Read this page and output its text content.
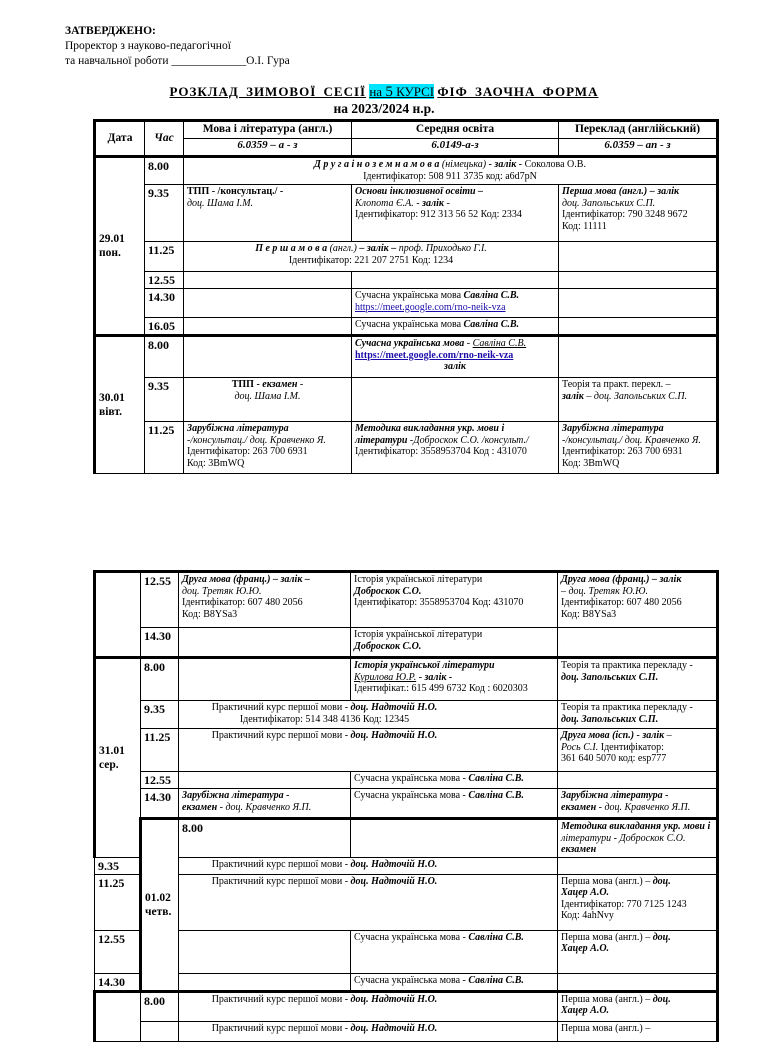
ЗАТВЕРДЖЕНО:
Проректор з науково-педагогічної
та навчальної роботи _____________О.І. Гура
РОЗКЛАД ЗИМОВОЇ СЕСІЇ на 5 КУРСІ ФІФ ЗАОЧНА ФОРМА
на 2023/2024 н.р.
Дата	Час	Мова і література (англ.)	Середня освіта	Переклад (англійський)
		6.0359 – а - з	6.0149-а-з	6.0359 – ап - з

29.01
пон.	8.00	Д р у г а і н о з е м н а м о в а (німецька) - залік - Соколова О.В.
Ідентифікатор: 508 911 3735 код: a6d7pN		

	9.35	ТПП - /консультац./ -
доц. Шама І.М.	Основи інклюзивної освіти –
Клопота Є.А. - залік -
Ідентифікатор: 912 313 56 52 Код: 2334	Перша мова (англ.) – залік
доц. Запольських С.П.
Ідентифікатор: 790 3248 9672
Код: 11111

	11.25	П е р ш а м о в а (англ.) – залік – проф. Приходько Г.І.
Ідентифікатор: 221 207 2751 Код: 1234		

	12.55			
	14.30		Сучасна українська мова Савліна С.В.
https://meet.google.com/rno-neik-vza	

	16.05		Сучасна українська мова Савліна С.В.	

30.01
вівт.	8.00		Сучасна українська мова - Савліна С.В.
https://meet.google.com/rno-neik-vza
залік	

	9.35	ТПП - екзамен -
доц. Шама І.М.		Теорія та практ. перекл. –
залік – доц. Запольських С.П.

	11.25	Зарубіжна література
-/консультац./ доц. Кравченко Я.
Ідентифікатор: 263 700 6931
Код: 3BmWQ	Методика викладання укр. мови і
літератури -Доброскок С.О. /консульт./
Ідентифікатор: 3558953704 Код : 431070	Зарубіжна література
-/консультац./ доц. Кравченко Я.
Ідентифікатор: 263 700 6931
Код: 3BmWQ
	12.55	Друга мова (франц.) – залік –
доц. Третяк Ю.Ю.
Ідентифікатор: 607 480 2056
Код: B8YSa3	Історія української літератури
Доброскок С.О.
Ідентифікатор: 3558953704 Код: 431070	Друга мова (франц.) – залік
– доц. Третяк Ю.Ю.
Ідентифікатор: 607 480 2056
Код: B8YSa3	

	14.30		Історія української літератури
Доброскок С.О.		

31.01
сер.	8.00		Історія української літератури
Курилова Ю.Р. - залік -
Ідентифікат.: 615 499 6732 Код : 6020303	Теорія та практика перекладу -
доц. Запольських С.П.	

	9.35	Практичний курс першої мови - доц. Надточій Н.О.
Ідентифікатор: 514 348 4136 Код: 12345		Теорія та практика перекладу -
доц. Запольських С.П.	

	11.25	Практичний курс першої мови - доц. Надточій Н.О.		Друга мова (ісп.) - залік –
Рось С.І. Ідентифікатор:
361 640 5070 код: esp777	

	12.55		Сучасна українська мова - Савліна С.В.		
	14.30	Зарубіжна література -
екзамен - доц. Кравченко Я.П.	Сучасна українська мова - Савліна С.В.	Зарубіжна література -
екзамен - доц. Кравченко Я.П.	

	01.02
четв.	8.00		Методика викладання укр. мови і
літератури - Доброскок С.О. екзамен	

9.35		Практичний курс першої мови - доц. Надточій Н.О.			
11.25		Практичний курс першої мови - доц. Надточій Н.О.		Перша мова (англ.) – доц.
Хацер А.О.
Ідентифікатор: 770 7125 1243
Код: 4ahNvy	

12.55			Сучасна українська мова - Савліна С.В.	Перша мова (англ.) – доц.
Хацер А.О.	

14.30			Сучасна українська мова - Савліна С.В.		
	8.00	Практичний курс першої мови - доц. Надточій Н.О.		Перша мова (англ.) – доц.
Хацер А.О.	

		Практичний курс першої мови - доц. Надточій Н.О.		Перша мова (англ.) –	
